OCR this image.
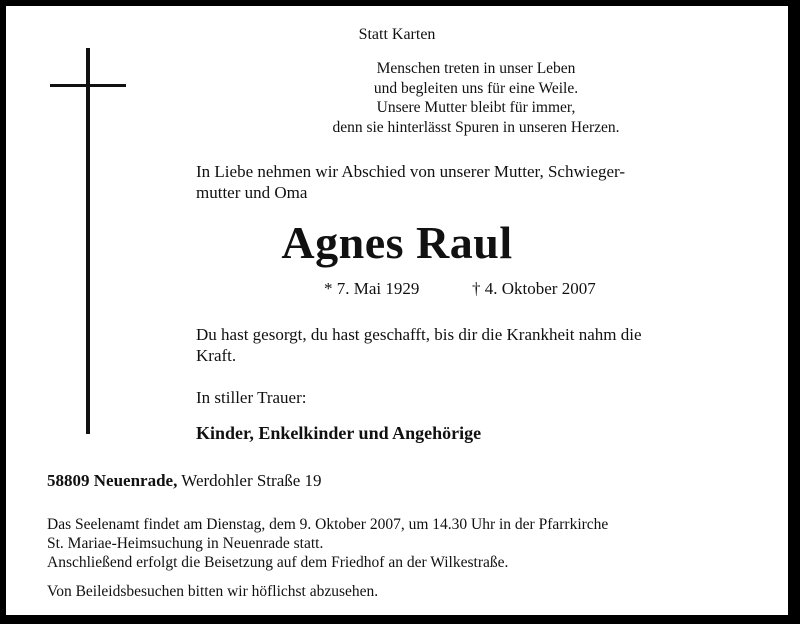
Statt Karten
Menschen treten in unser Leben
und begleiten uns für eine Weile.
Unsere Mutter bleibt für immer,
denn sie hinterlässt Spuren in unseren Herzen.
In Liebe nehmen wir Abschied von unserer Mutter, Schwieger-
mutter und Oma
Agnes Raul
* 7. Mai 1929	† 4. Oktober 2007
Du hast gesorgt, du hast geschafft, bis dir die Krankheit nahm die
Kraft.
In stiller Trauer:
Kinder, Enkelkinder und Angehörige
58809 Neuenrade, Werdohler Straße 19
Das Seelenamt findet am Dienstag, dem 9. Oktober 2007, um 14.30 Uhr in der Pfarrkirche
St. Mariae-Heimsuchung in Neuenrade statt.
Anschließend erfolgt die Beisetzung auf dem Friedhof an der Wilkestraße.
Von Beileidsbesuchen bitten wir höflichst abzusehen.
